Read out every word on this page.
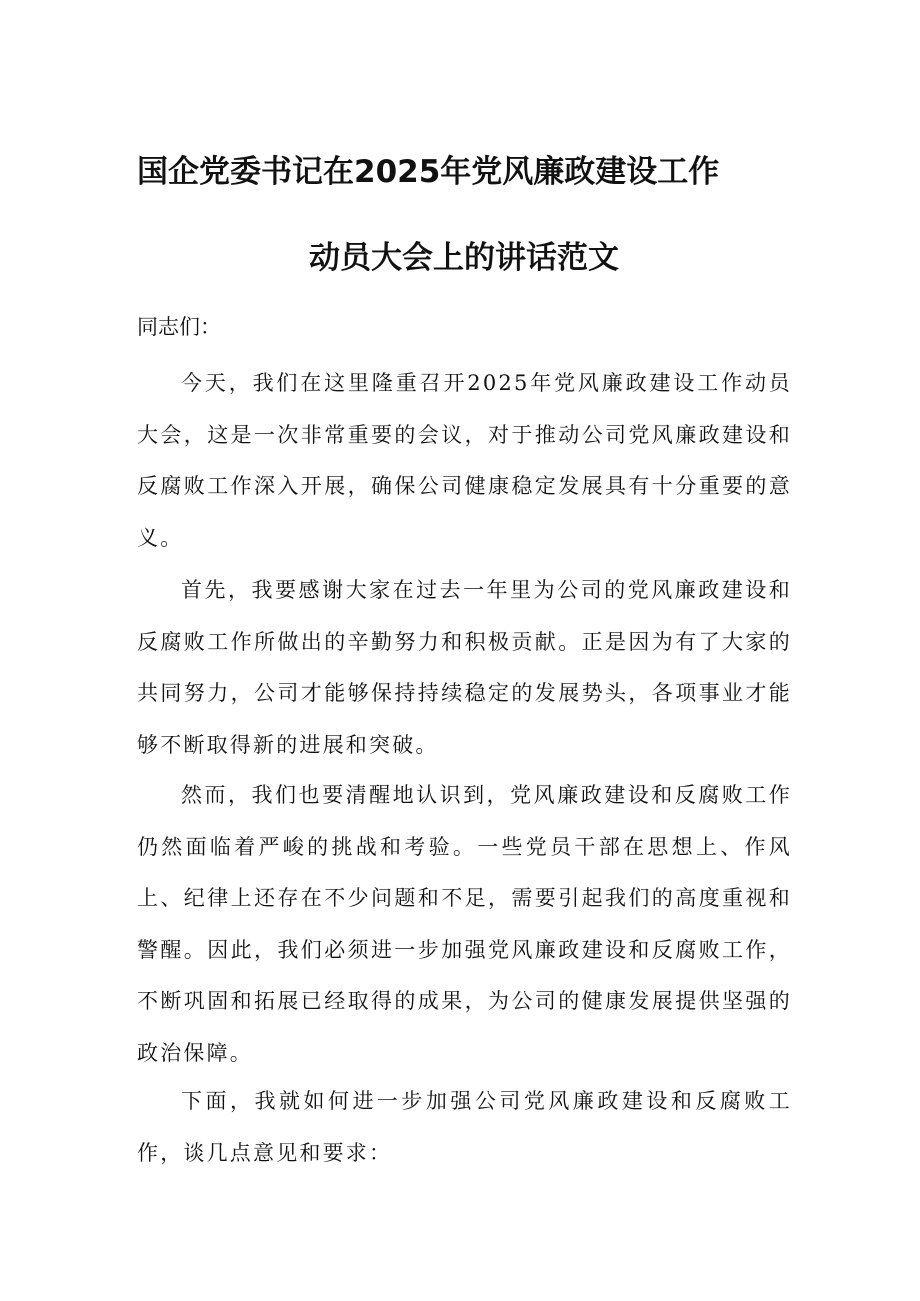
国企党委书记在2025年党风廉政建设工作
动员大会上的讲话范文

同志们：

今天，我们在这里隆重召开2025年党风廉政建设工作动员大会，这是一次非常重要的会议，对于推动公司党风廉政建设和反腐败工作深入开展，确保公司健康稳定发展具有十分重要的意义。

首先，我要感谢大家在过去一年里为公司的党风廉政建设和反腐败工作所做出的辛勤努力和积极贡献。正是因为有了大家的共同努力，公司才能够保持持续稳定的发展势头，各项事业才能够不断取得新的进展和突破。

然而，我们也要清醒地认识到，党风廉政建设和反腐败工作仍然面临着严峻的挑战和考验。一些党员干部在思想上、作风上、纪律上还存在不少问题和不足，需要引起我们的高度重视和警醒。因此，我们必须进一步加强党风廉政建设和反腐败工作，不断巩固和拓展已经取得的成果，为公司的健康发展提供坚强的政治保障。

下面，我就如何进一步加强公司党风廉政建设和反腐败工作，谈几点意见和要求：
